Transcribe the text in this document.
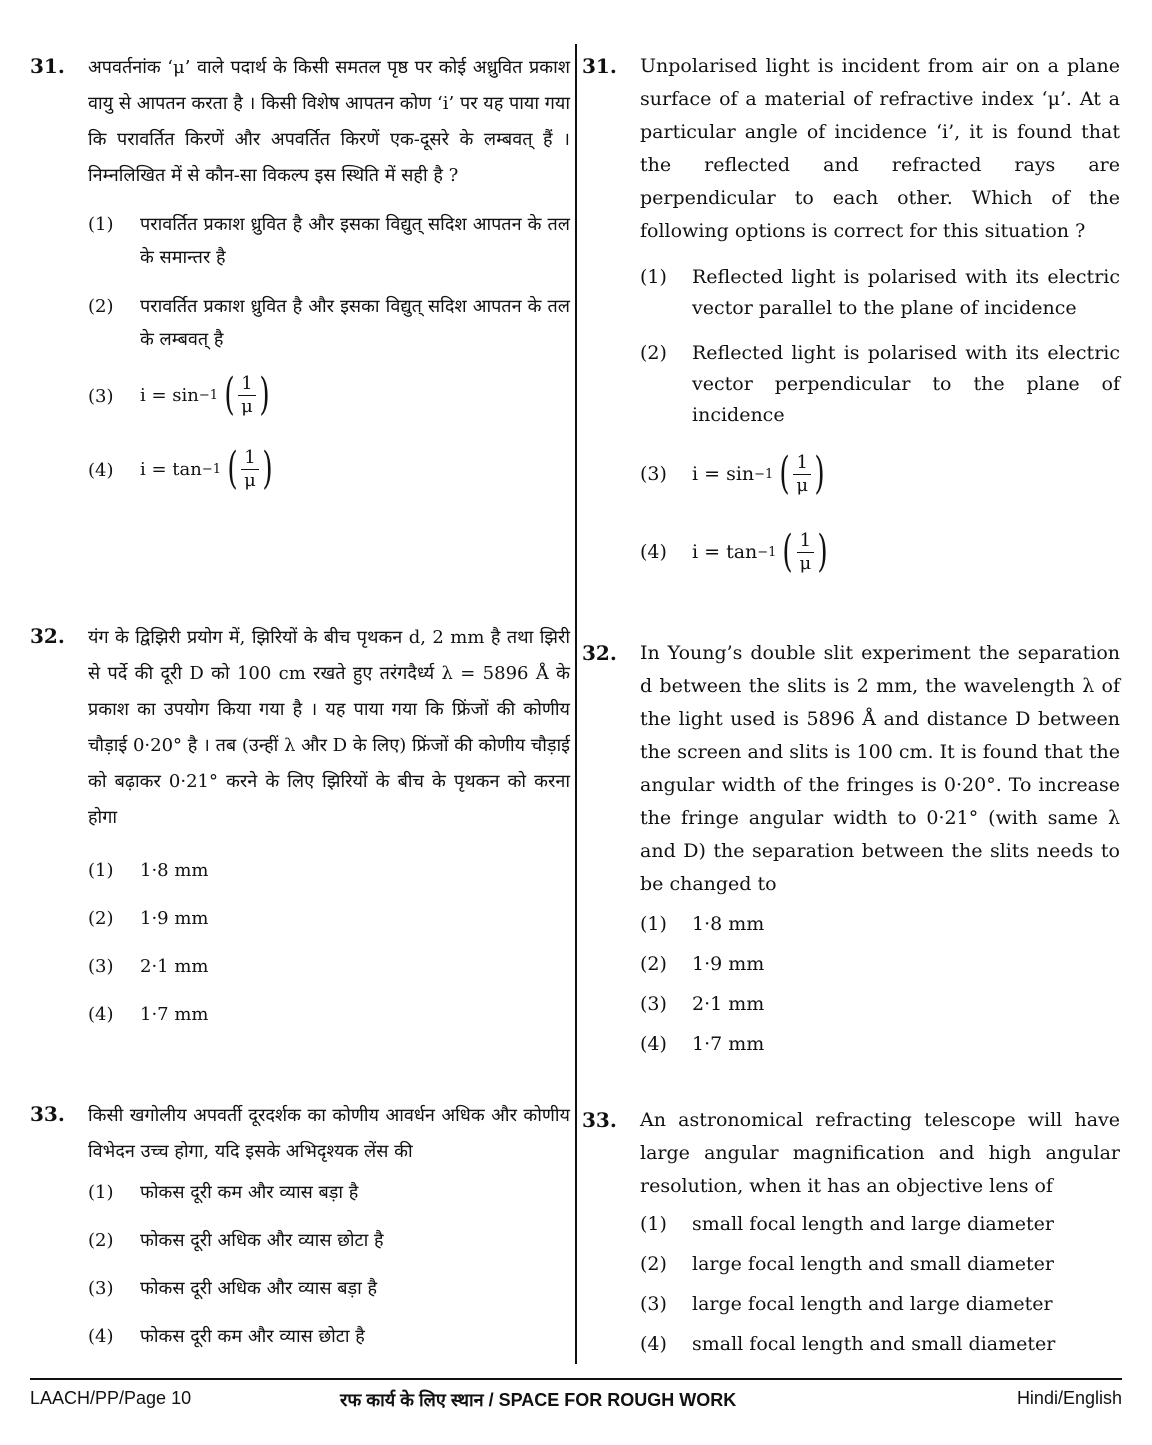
31. अपवर्तनांक ‘μ’ वाले पदार्थ के किसी समतल पृष्ठ पर कोई अध्रुवित प्रकाश वायु से आपतन करता है । किसी विशेष आपतन कोण ‘i’ पर यह पाया गया कि परावर्तित किरणें और अपवर्तित किरणें एक-दूसरे के लम्बवत् हैं । निम्नलिखित में से कौन-सा विकल्प इस स्थिति में सही है ?
(1) परावर्तित प्रकाश ध्रुवित है और इसका विद्युत् सदिश आपतन के तल के समान्तर है
(2) परावर्तित प्रकाश ध्रुवित है और इसका विद्युत् सदिश आपतन के तल के लम्बवत् है
(3) i = sin −1 ( $\frac{1}{\mu}$ )
(4) i = tan −1 ( $\frac{1}{\mu}$ )
32. यंग के द्विझिरी प्रयोग में, झिरियों के बीच पृथकन d, 2 mm है तथा झिरी से पर्दे की दूरी D को 100 cm रखते हुए तरंगदैर्ध्य λ = 5896 Å के प्रकाश का उपयोग किया गया है । यह पाया गया कि फ्रिंजों की कोणीय चौड़ाई 0·20° है । तब (उन्हीं λ और D के लिए) फ्रिंजों की कोणीय चौड़ाई को बढ़ाकर 0·21° करने के लिए झिरियों के बीच के पृथकन को करना होगा
(1) 1·8 mm
(2) 1·9 mm
(3) 2·1 mm
(4) 1·7 mm
33. किसी खगोलीय अपवर्ती दूरदर्शक का कोणीय आवर्धन अधिक और कोणीय विभेदन उच्च होगा, यदि इसके अभिदृश्यक लेंस की
(1) फोकस दूरी कम और व्यास बड़ा है
(2) फोकस दूरी अधिक और व्यास छोटा है
(3) फोकस दूरी अधिक और व्यास बड़ा है
(4) फोकस दूरी कम और व्यास छोटा है
31. Unpolarised light is incident from air on a plane surface of a material of refractive index ‘μ’. At a particular angle of incidence ‘i’, it is found that the reflected and refracted rays are perpendicular to each other. Which of the following options is correct for this situation ?
(1) Reflected light is polarised with its electric vector parallel to the plane of incidence
(2) Reflected light is polarised with its electric vector perpendicular to the plane of incidence
(3) i = sin −1 ( $\frac{1}{\mu}$ )
(4) i = tan −1 ( $\frac{1}{\mu}$ )
32. In Young’s double slit experiment the separation d between the slits is 2 mm, the wavelength λ of the light used is 5896 Å and distance D between the screen and slits is 100 cm. It is found that the angular width of the fringes is 0·20°. To increase the fringe angular width to 0·21° (with same λ and D) the separation between the slits needs to be changed to
(1) 1·8 mm
(2) 1·9 mm
(3) 2·1 mm
(4) 1·7 mm
33. An astronomical refracting telescope will have large angular magnification and high angular resolution, when it has an objective lens of
(1) small focal length and large diameter
(2) large focal length and small diameter
(3) large focal length and large diameter
(4) small focal length and small diameter
LAACH/PP/Page 10	रफ कार्य के लिए स्थान / SPACE FOR ROUGH WORK	Hindi/English
